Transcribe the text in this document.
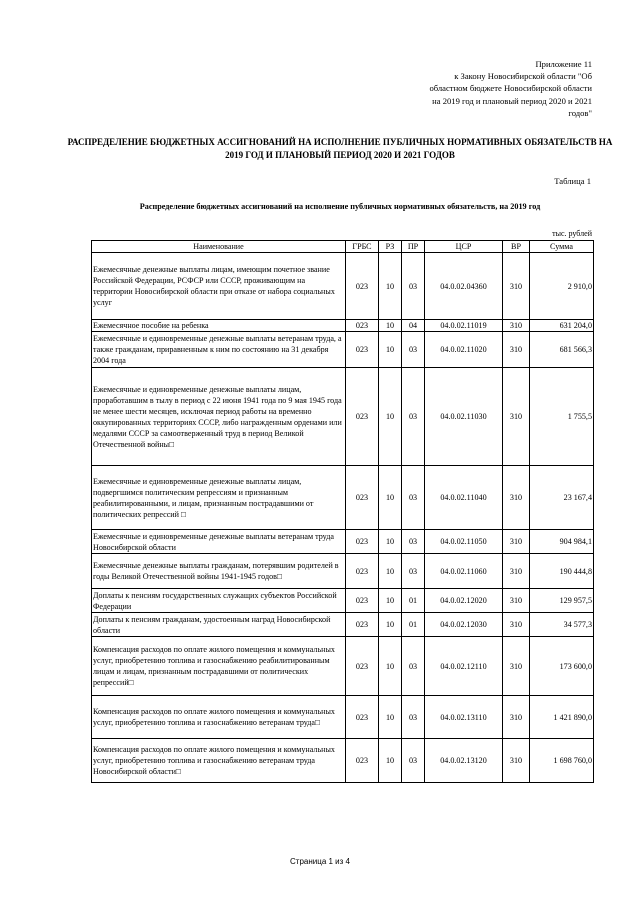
Приложение 11
к Закону Новосибирской области "Об
областном бюджете Новосибирской области
на 2019 год и плановый период 2020 и 2021
годов"
РАСПРЕДЕЛЕНИЕ БЮДЖЕТНЫХ АССИГНОВАНИЙ НА ИСПОЛНЕНИЕ ПУБЛИЧНЫХ НОРМАТИВНЫХ ОБЯЗАТЕЛЬСТВ НА 2019 ГОД И ПЛАНОВЫЙ ПЕРИОД 2020 И 2021 ГОДОВ
Таблица 1
Распределение бюджетных ассигнований на исполнение публичных нормативных обязательств, на 2019 год
тыс. рублей
Наименование	ГРБС	РЗ	ПР	ЦСР	ВР	Сумма
Ежемесячные денежные выплаты лицам, имеющим почетное звание Российской Федерации, РСФСР или СССР, проживающим на территории Новосибирской области при отказе от набора социальных услуг	023	10	03	04.0.02.04360	310	2 910,0
Ежемесячное пособие на ребенка	023	10	04	04.0.02.11019	310	631 204,0
Ежемесячные и единовременные денежные выплаты ветеранам труда, а также гражданам, приравненным к ним по состоянию на 31 декабря 2004 года	023	10	03	04.0.02.11020	310	681 566,3
Ежемесячные и единовременные денежные выплаты лицам, проработавшим в тылу в период с 22 июня 1941 года по 9 мая 1945 года не менее шести месяцев, исключая период работы на временно оккупированных территориях СССР, либо награжденным орденами или медалями СССР за самоотверженный труд в период Великой Отечественной войны□	023	10	03	04.0.02.11030	310	1 755,5
Ежемесячные и единовременные денежные выплаты лицам, подвергшимся политическим репрессиям и признанным реабилитированными, и лицам, признанным пострадавшими от политических репрессий □	023	10	03	04.0.02.11040	310	23 167,4
Ежемесячные и единовременные денежные выплаты ветеранам труда Новосибирской области	023	10	03	04.0.02.11050	310	904 984,1
Ежемесячные денежные выплаты гражданам, потерявшим родителей в годы Великой Отечественной войны 1941-1945 годов□	023	10	03	04.0.02.11060	310	190 444,8
Доплаты к пенсиям государственных служащих субъектов Российской Федерации	023	10	01	04.0.02.12020	310	129 957,5
Доплаты к пенсиям гражданам, удостоенным наград Новосибирской области	023	10	01	04.0.02.12030	310	34 577,3
Компенсация расходов по оплате жилого помещения и коммунальных услуг, приобретению топлива и газоснабжению реабилитированным лицам и лицам, признанным пострадавшими от политических репрессий□	023	10	03	04.0.02.12110	310	173 600,0
Компенсация расходов по оплате жилого помещения и коммунальных услуг, приобретению топлива и газоснабжению ветеранам труда□	023	10	03	04.0.02.13110	310	1 421 890,0
Компенсация расходов по оплате жилого помещения и коммунальных услуг, приобретению топлива и газоснабжению ветеранам труда Новосибирской области□	023	10	03	04.0.02.13120	310	1 698 760,0
Страница 1 из 4
